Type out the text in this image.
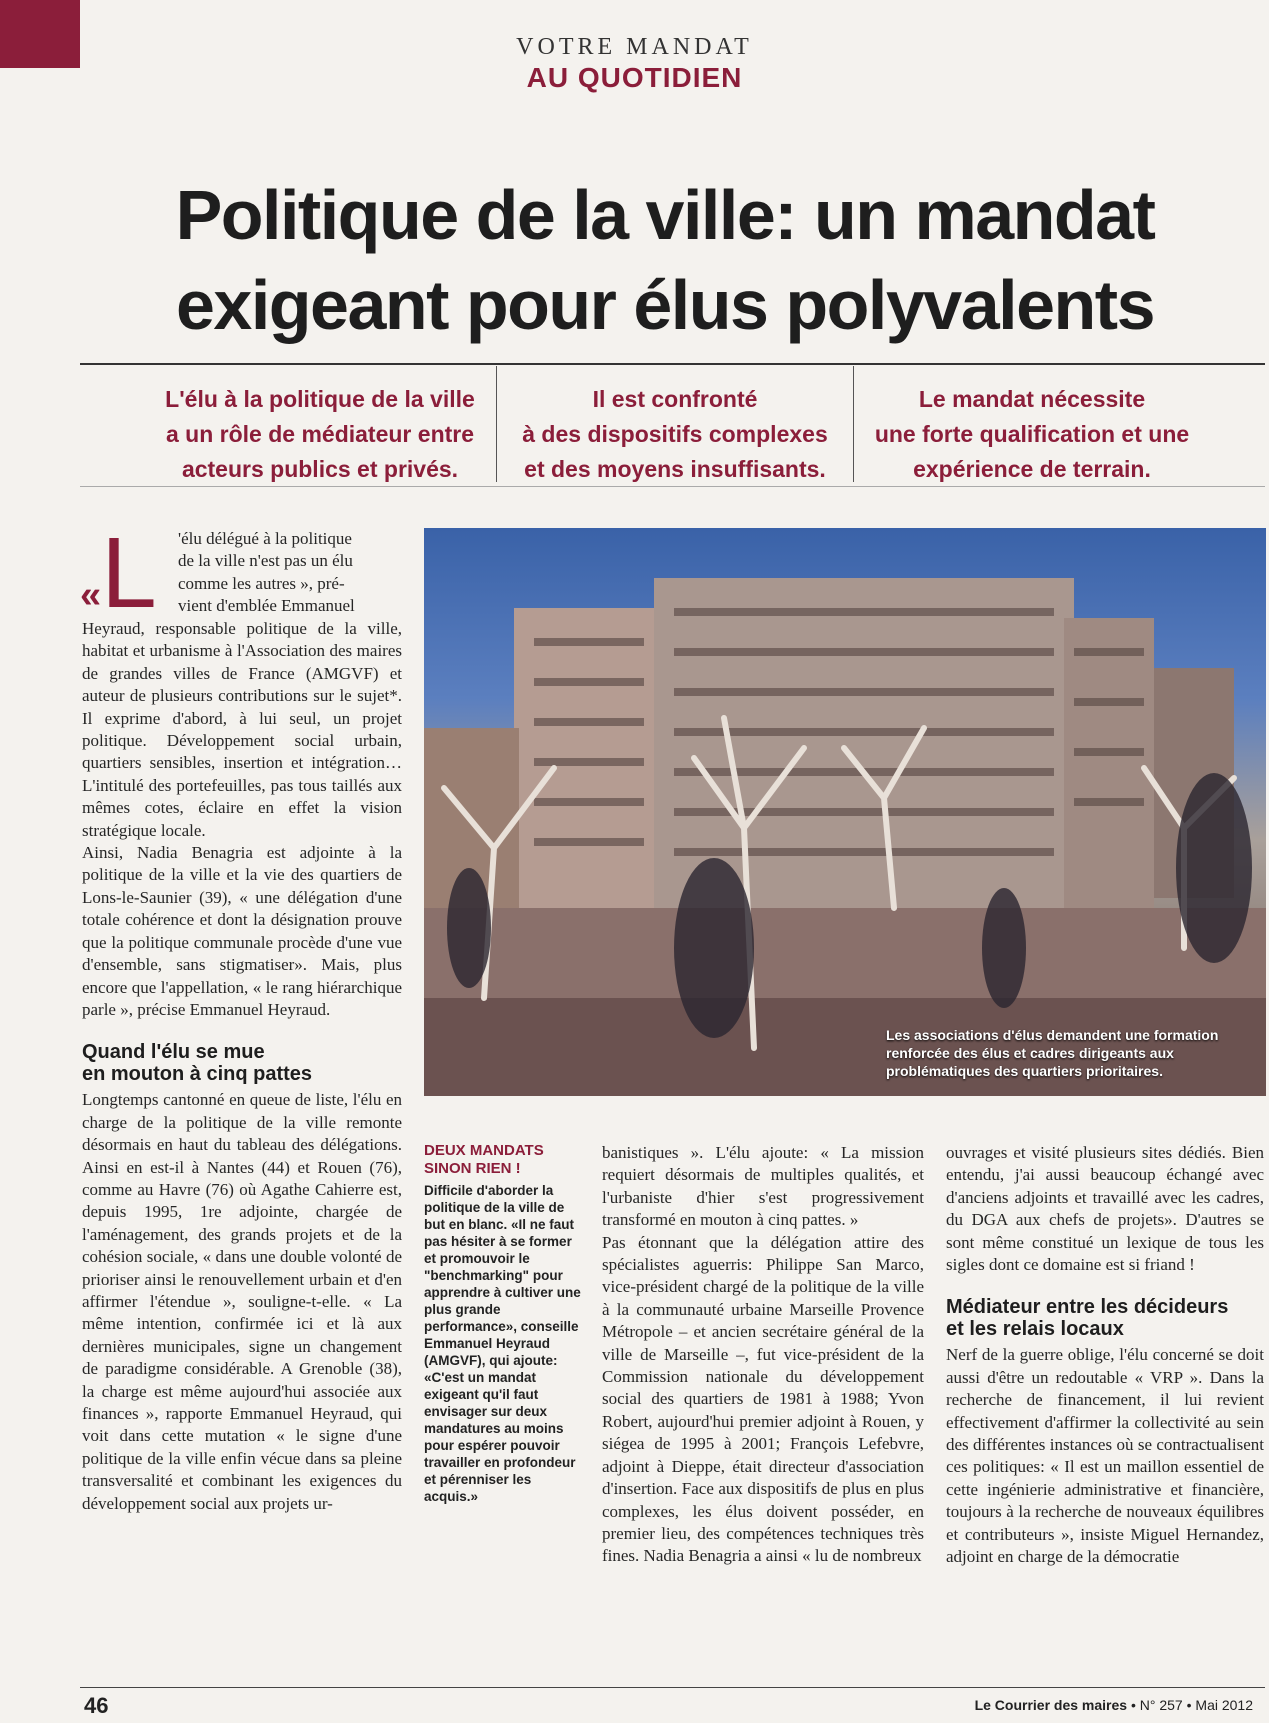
VOTRE MANDAT
AU QUOTIDIEN
Politique de la ville: un mandat
exigeant pour élus polyvalents
L'élu à la politique de la ville
a un rôle de médiateur entre
acteurs publics et privés.
Il est confronté
à des dispositifs complexes
et des moyens insuffisants.
Le mandat nécessite
une forte qualification et une
expérience de terrain.
«L 'élu délégué à la politique
de la ville n'est pas un élu
comme les autres », pré-
vient d'emblée Emmanuel

Heyraud, responsable politique de la ville, habitat et urbanisme à l'Association des maires de grandes villes de France (AMGVF) et auteur de plusieurs contributions sur le sujet*. Il exprime d'abord, à lui seul, un projet politique. Développement social urbain, quartiers sensibles, insertion et intégration… L'intitulé des portefeuilles, pas tous taillés aux mêmes cotes, éclaire en effet la vision stratégique locale.

Ainsi, Nadia Benagria est adjointe à la politique de la ville et la vie des quartiers de Lons-le-Saunier (39), « une délégation d'une totale cohérence et dont la désignation prouve que la politique communale procède d'une vue d'ensemble, sans stigmatiser». Mais, plus encore que l'appellation, « le rang hiérarchique parle », précise Emmanuel Heyraud.

Quand l'élu se mue
en mouton à cinq pattes

Longtemps cantonné en queue de liste, l'élu en charge de la politique de la ville remonte désormais en haut du tableau des délégations. Ainsi en est-il à Nantes (44) et Rouen (76), comme au Havre (76) où Agathe Cahierre est, depuis 1995, 1re adjointe, chargée de l'aménagement, des grands projets et de la cohésion sociale, « dans une double volonté de prioriser ainsi le renouvellement urbain et d'en affirmer l'étendue », souligne-t-elle. « La même intention, confirmée ici et là aux dernières municipales, signe un changement de paradigme considérable. A Grenoble (38), la charge est même aujourd'hui associée aux finances », rapporte Emmanuel Heyraud, qui voit dans cette mutation « le signe d'une politique de la ville enfin vécue dans sa pleine transversalité et combinant les exigences du développement social aux projets ur-

Les associations d'élus demandent une formation renforcée des élus et cadres dirigeants aux problématiques des quartiers prioritaires.
DEUX MANDATS
SINON RIEN !
Difficile d'aborder la politique de la ville de but en blanc. «Il ne faut pas hésiter à se former et promouvoir le "benchmarking" pour apprendre à cultiver une plus grande performance», conseille Emmanuel Heyraud (AMGVF), qui ajoute: «C'est un mandat exigeant qu'il faut envisager sur deux mandatures au moins pour espérer pouvoir travailler en profondeur et pérenniser les acquis.»

banistiques ». L'élu ajoute: « La mission requiert désormais de multiples qualités, et l'urbaniste d'hier s'est progressivement transformé en mouton à cinq pattes. »

Pas étonnant que la délégation attire des spécialistes aguerris: Philippe San Marco, vice-président chargé de la politique de la ville à la communauté urbaine Marseille Provence Métropole – et ancien secrétaire général de la ville de Marseille –, fut vice-président de la Commission nationale du développement social des quartiers de 1981 à 1988; Yvon Robert, aujourd'hui premier adjoint à Rouen, y siégea de 1995 à 2001; François Lefebvre, adjoint à Dieppe, était directeur d'association d'insertion. Face aux dispositifs de plus en plus complexes, les élus doivent posséder, en premier lieu, des compétences techniques très fines. Nadia Benagria a ainsi « lu de nombreux

ouvrages et visité plusieurs sites dédiés. Bien entendu, j'ai aussi beaucoup échangé avec d'anciens adjoints et travaillé avec les cadres, du DGA aux chefs de projets». D'autres se sont même constitué un lexique de tous les sigles dont ce domaine est si friand !

Médiateur entre les décideurs
et les relais locaux

Nerf de la guerre oblige, l'élu concerné se doit aussi d'être un redoutable « VRP ». Dans la recherche de financement, il lui revient effectivement d'affirmer la collectivité au sein des différentes instances où se contractualisent ces politiques: « Il est un maillon essentiel de cette ingénierie administrative et financière, toujours à la recherche de nouveaux équilibres et contributeurs », insiste Miguel Hernandez, adjoint en charge de la démocratie

46	Le Courrier des maires • N° 257 • Mai 2012
